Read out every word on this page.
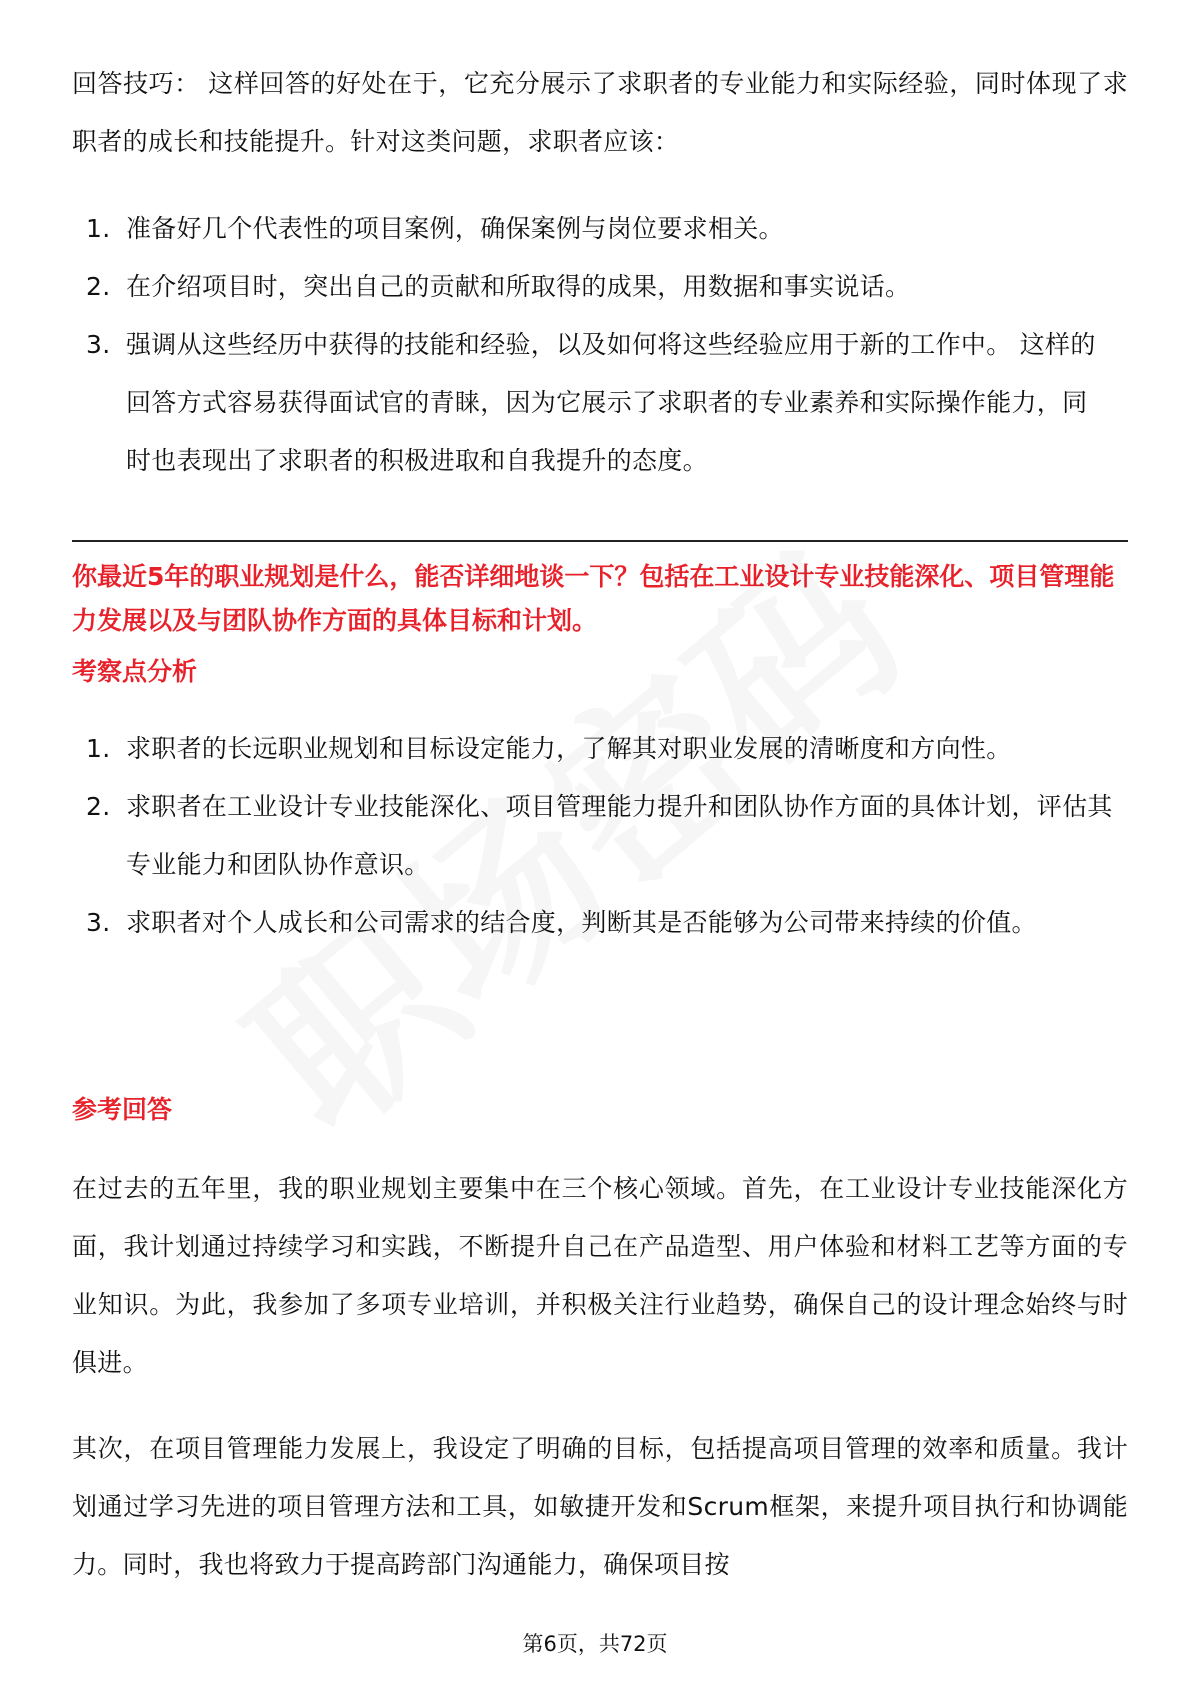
回答技巧： 这样回答的好处在于，它充分展示了求职者的专业能力和实际经验，同时体现了求职者的成长和技能提升。针对这类问题，求职者应该：

1. 准备好几个代表性的项目案例，确保案例与岗位要求相关。
2. 在介绍项目时，突出自己的贡献和所取得的成果，用数据和事实说话。
3. 强调从这些经历中获得的技能和经验，以及如何将这些经验应用于新的工作中。 这样的回答方式容易获得面试官的青睐，因为它展示了求职者的专业素养和实际操作能力，同时也表现出了求职者的积极进取和自我提升的态度。

你最近5年的职业规划是什么，能否详细地谈一下？包括在工业设计专业技能深化、项目管理能力发展以及与团队协作方面的具体目标和计划。

考察点分析

1. 求职者的长远职业规划和目标设定能力，了解其对职业发展的清晰度和方向性。
2. 求职者在工业设计专业技能深化、项目管理能力提升和团队协作方面的具体计划，评估其专业能力和团队协作意识。
3. 求职者对个人成长和公司需求的结合度，判断其是否能够为公司带来持续的价值。

参考回答

在过去的五年里，我的职业规划主要集中在三个核心领域。首先，在工业设计专业技能深化方面，我计划通过持续学习和实践，不断提升自己在产品造型、用户体验和材料工艺等方面的专业知识。为此，我参加了多项专业培训，并积极关注行业趋势，确保自己的设计理念始终与时俱进。

其次，在项目管理能力发展上，我设定了明确的目标，包括提高项目管理的效率和质量。我计划通过学习先进的项目管理方法和工具，如敏捷开发和Scrum框架，来提升项目执行和协调能力。同时，我也将致力于提高跨部门沟通能力，确保项目按

第6页，共72页
